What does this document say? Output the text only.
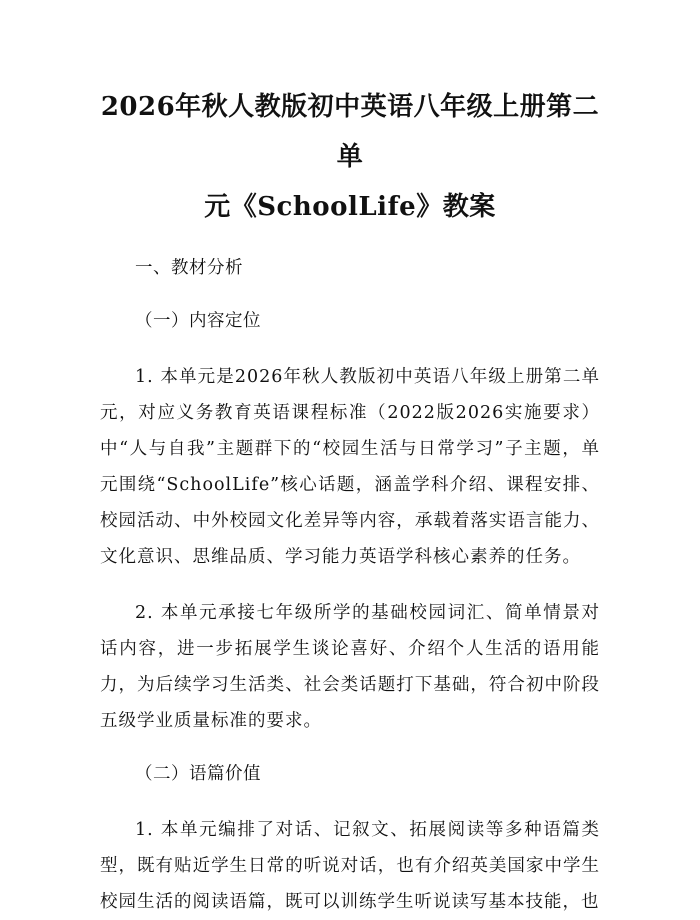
2026年秋人教版初中英语八年级上册第二单
元《SchoolLife》教案

一、教材分析

（一）内容定位

1. 本单元是2026年秋人教版初中英语八年级上册第二单元，对应义务教育英语课程标准（2022版2026实施要求）中“人与自我”主题群下的“校园生活与日常学习”子主题，单元围绕“SchoolLife”核心话题，涵盖学科介绍、课程安排、校园活动、中外校园文化差异等内容，承载着落实语言能力、文化意识、思维品质、学习能力英语学科核心素养的任务。

2. 本单元承接七年级所学的基础校园词汇、简单情景对话内容，进一步拓展学生谈论喜好、介绍个人生活的语用能力，为后续学习生活类、社会类话题打下基础，符合初中阶段五级学业质量标准的要求。

（二）语篇价值

1. 本单元编排了对话、记叙文、拓展阅读等多种语篇类型，既有贴近学生日常的听说对话，也有介绍英美国家中学生校园生活的阅读语篇，既可以训练学生听说读写基本技能，也
